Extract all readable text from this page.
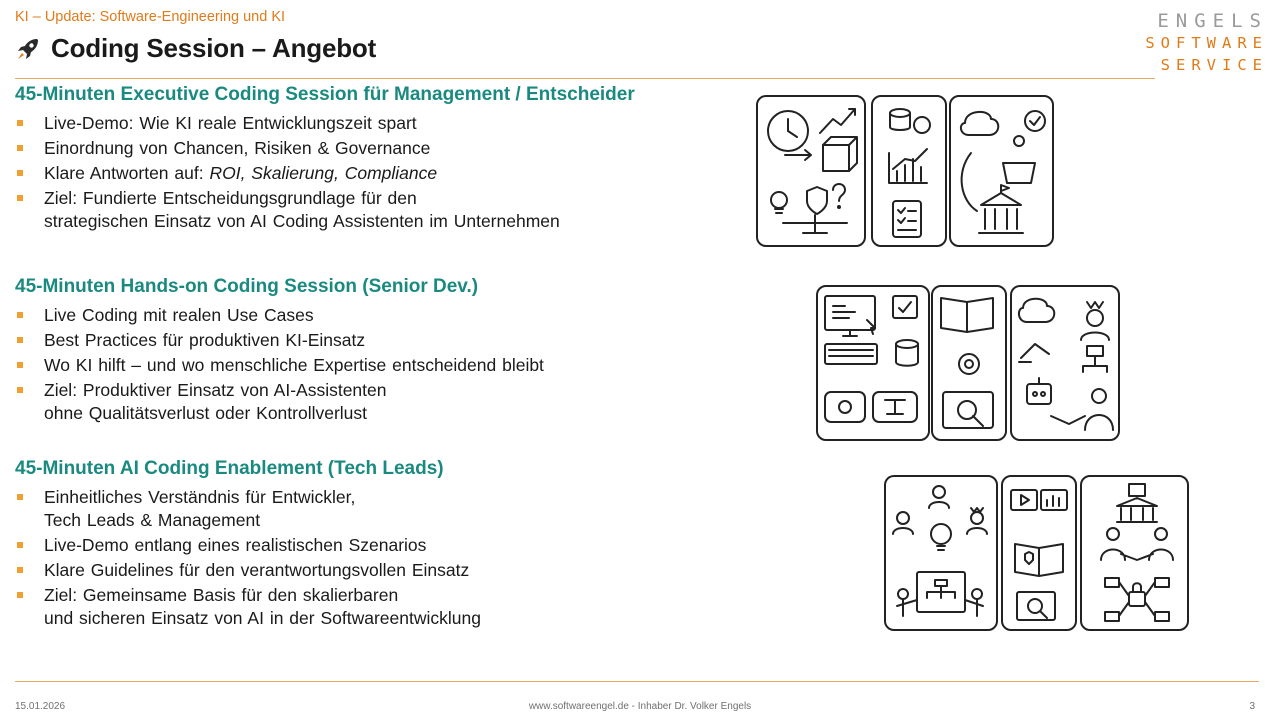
KI – Update: Software-Engineering und KI
Coding Session – Angebot
ENGELS
SOFTWARE
SERVICE
45-Minuten Executive Coding Session für Management / Entscheider
Live-Demo: Wie KI reale Entwicklungszeit spart
Einordnung von Chancen, Risiken & Governance
Klare Antworten auf: ROI, Skalierung, Compliance
Ziel: Fundierte Entscheidungsgrundlage für den
strategischen Einsatz von AI Coding Assistenten im Unternehmen
45-Minuten Hands-on Coding Session (Senior Dev.)
Live Coding mit realen Use Cases
Best Practices für produktiven KI-Einsatz
Wo KI hilft – und wo menschliche Expertise entscheidend bleibt
Ziel: Produktiver Einsatz von AI-Assistenten
ohne Qualitätsverlust oder Kontrollverlust
45-Minuten AI Coding Enablement (Tech Leads)
Einheitliches Verständnis für Entwickler,
Tech Leads & Management
Live-Demo entlang eines realistischen Szenarios
Klare Guidelines für den verantwortungsvollen Einsatz
Ziel: Gemeinsame Basis für den skalierbaren
und sicheren Einsatz von AI in der Softwareentwicklung
15.01.2026	www.softwareengel.de - Inhaber Dr. Volker Engels	3
